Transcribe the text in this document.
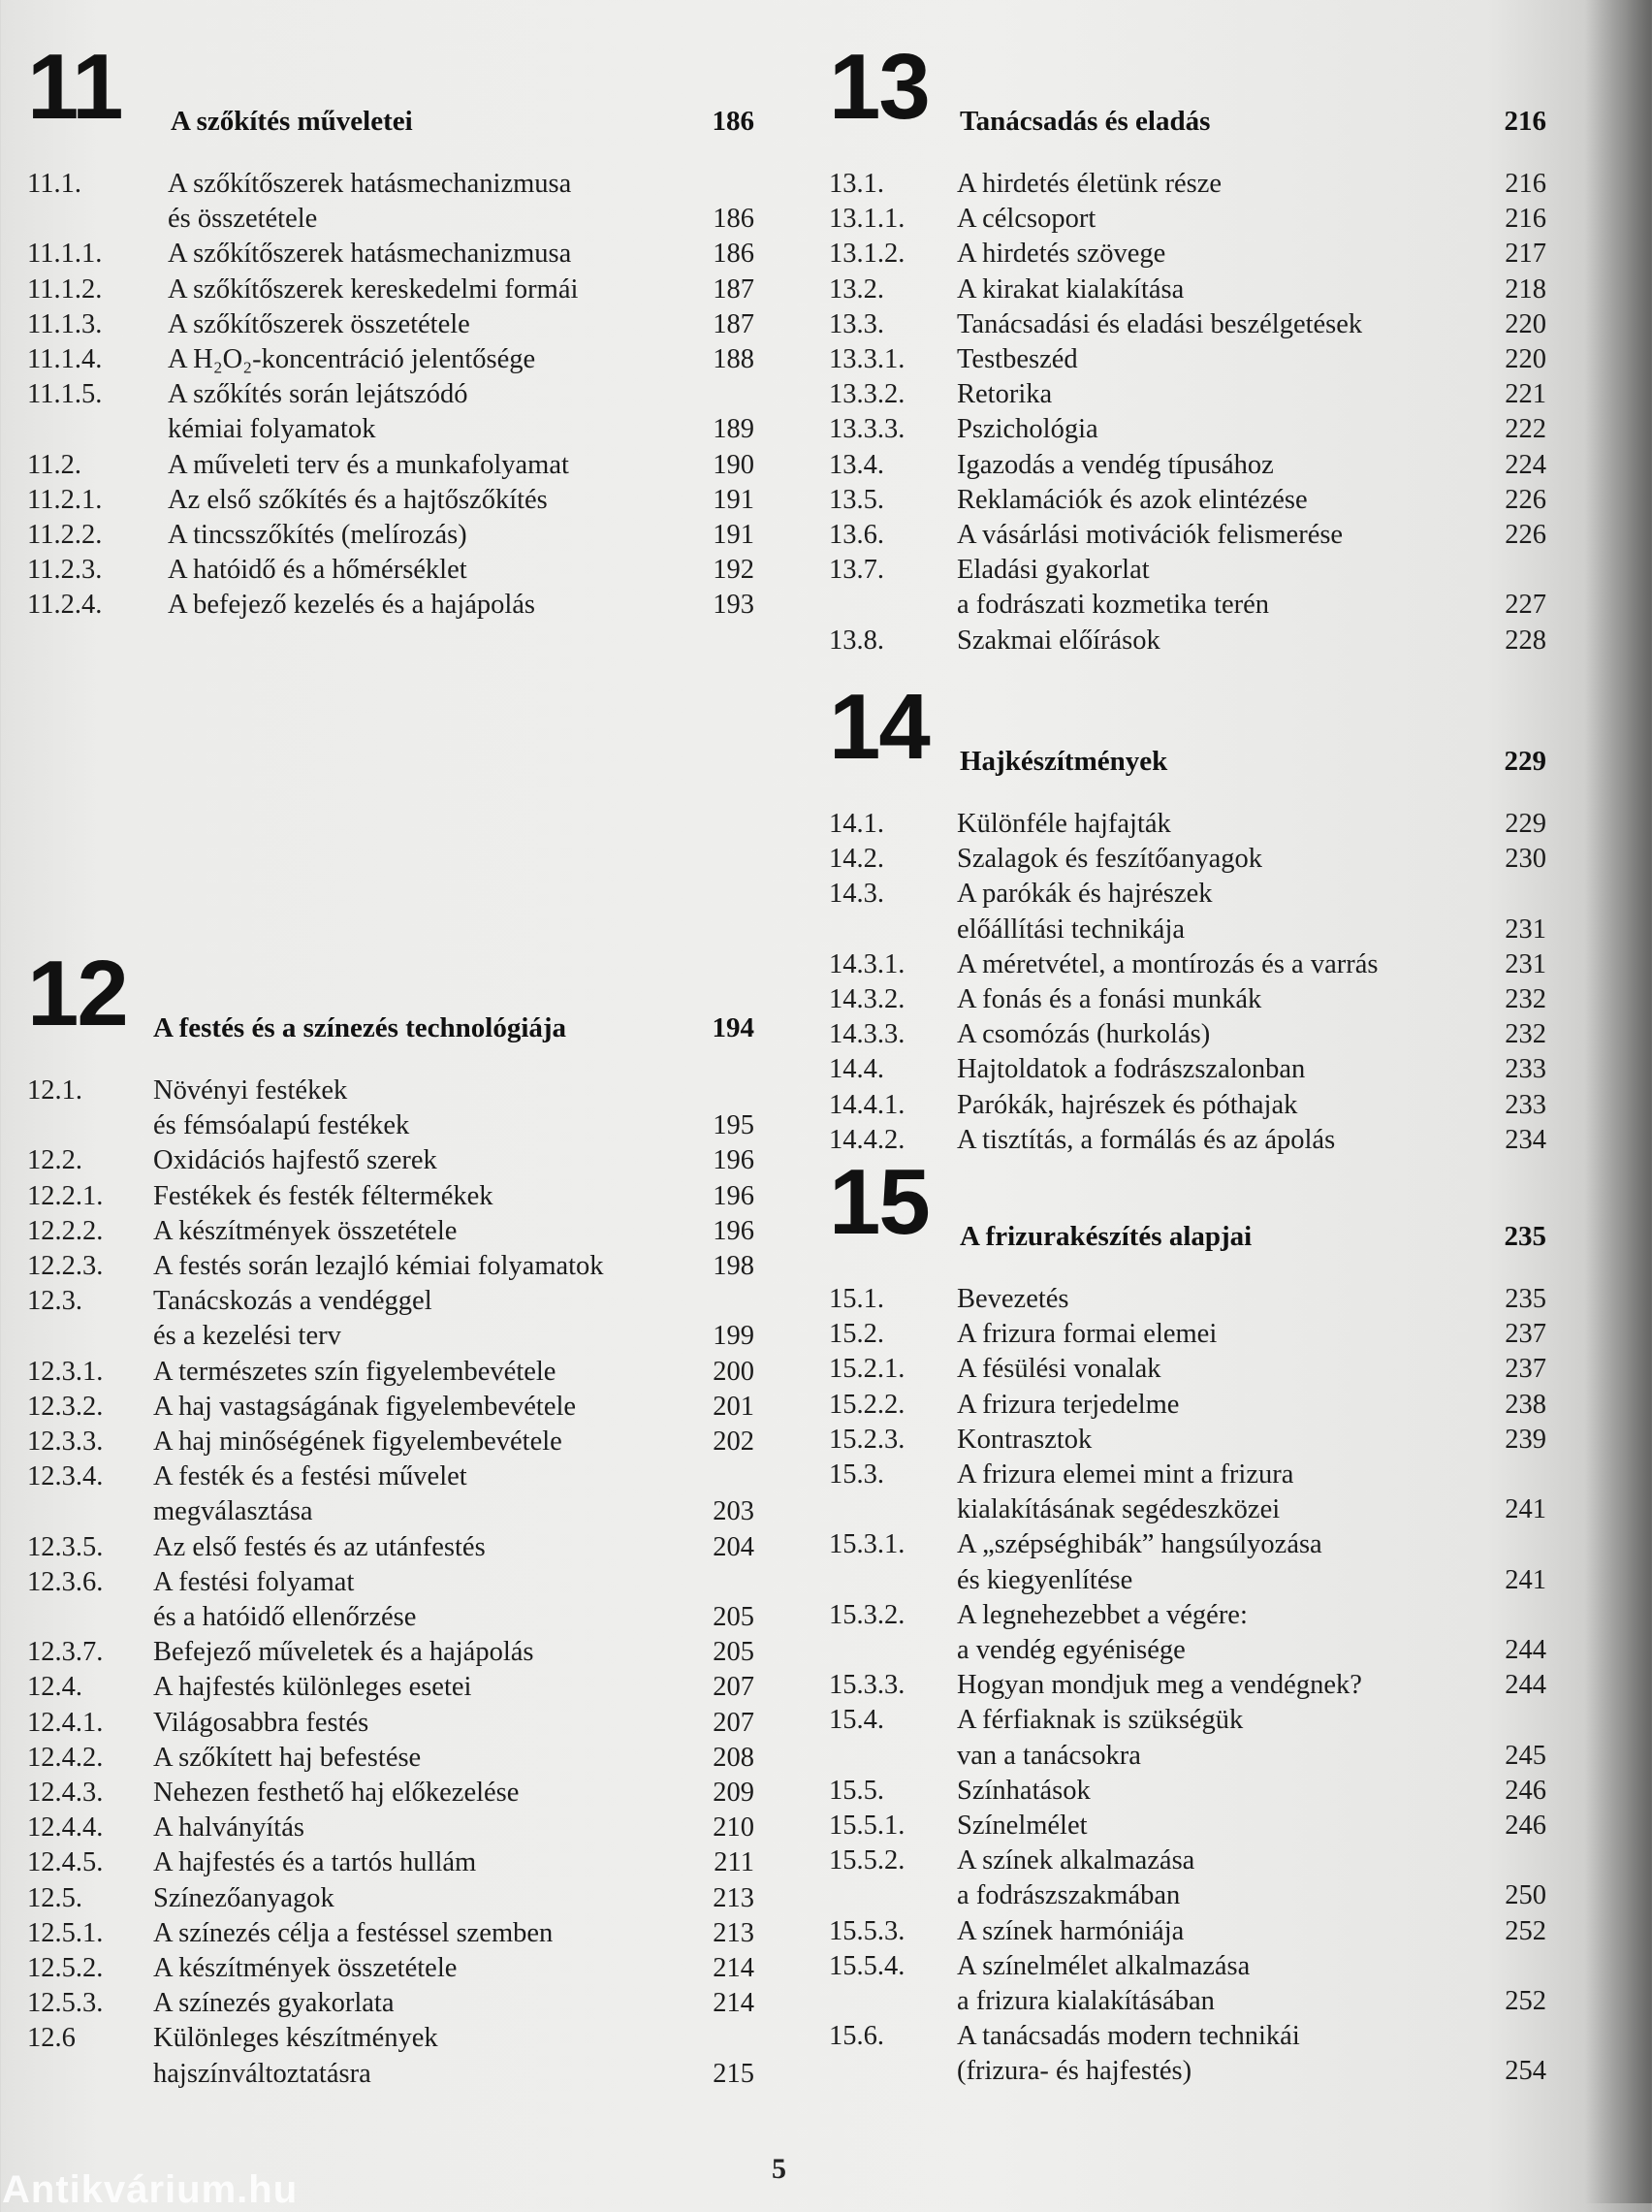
11 A szőkítés műveletei	186
11.1.	A szőkítőszerek hatásmechanizmusa
és összetétele	186
11.1.1.	A szőkítőszerek hatásmechanizmusa	186
11.1.2.	A szőkítőszerek kereskedelmi formái	187
11.1.3.	A szőkítőszerek összetétele	187
11.1.4.	A H₂O₂-koncentráció jelentősége	188
11.1.5.	A szőkítés során lejátszódó
kémiai folyamatok	189
11.2.	A műveleti terv és a munkafolyamat	190
11.2.1.	Az első szőkítés és a hajtőszőkítés	191
11.2.2.	A tincsszőkítés (melírozás)	191
11.2.3.	A hatóidő és a hőmérséklet	192
11.2.4.	A befejező kezelés és a hajápolás	193
12 A festés és a színezés technológiája	194
12.1.	Növényi festékek
és fémsóalapú festékek	195
12.2.	Oxidációs hajfestő szerek	196
12.2.1.	Festékek és festék féltermékek	196
12.2.2.	A készítmények összetétele	196
12.2.3.	A festés során lezajló kémiai folyamatok	198
12.3.	Tanácskozás a vendéggel
és a kezelési terv	199
12.3.1.	A természetes szín figyelembevétele	200
12.3.2.	A haj vastagságának figyelembevétele	201
12.3.3.	A haj minőségének figyelembevétele	202
12.3.4.	A festék és a festési művelet
megválasztása	203
12.3.5.	Az első festés és az utánfestés	204
12.3.6.	A festési folyamat
és a hatóidő ellenőrzése	205
12.3.7.	Befejező műveletek és a hajápolás	205
12.4.	A hajfestés különleges esetei	207
12.4.1.	Világosabbra festés	207
12.4.2.	A szőkített haj befestése	208
12.4.3.	Nehezen festhető haj előkezelése	209
12.4.4.	A halványítás	210
12.4.5.	A hajfestés és a tartós hullám	211
12.5.	Színezőanyagok	213
12.5.1.	A színezés célja a festéssel szemben	213
12.5.2.	A készítmények összetétele	214
12.5.3.	A színezés gyakorlata	214
12.6	Különleges készítmények
hajszínváltoztatásra	215
13 Tanácsadás és eladás	216
13.1.	A hirdetés életünk része	216
13.1.1.	A célcsoport	216
13.1.2.	A hirdetés szövege	217
13.2.	A kirakat kialakítása	218
13.3.	Tanácsadási és eladási beszélgetések	220
13.3.1.	Testbeszéd	220
13.3.2.	Retorika	221
13.3.3.	Pszichológia	222
13.4.	Igazodás a vendég típusához	224
13.5.	Reklamációk és azok elintézése	226
13.6.	A vásárlási motivációk felismerése	226
13.7.	Eladási gyakorlat
a fodrászati kozmetika terén	227
13.8.	Szakmai előírások	228
14 Hajkészítmények	229
14.1.	Különféle hajfajták	229
14.2.	Szalagok és feszítőanyagok	230
14.3.	A parókák és hajrészek
előállítási technikája	231
14.3.1.	A méretvétel, a montírozás és a varrás	231
14.3.2.	A fonás és a fonási munkák	232
14.3.3.	A csomózás (hurkolás)	232
14.4.	Hajtoldatok a fodrászszalonban	233
14.4.1.	Parókák, hajrészek és póthajak	233
14.4.2.	A tisztítás, a formálás és az ápolás	234
15 A frizurakészítés alapjai	235
15.1.	Bevezetés	235
15.2.	A frizura formai elemei	237
15.2.1.	A fésülési vonalak	237
15.2.2.	A frizura terjedelme	238
15.2.3.	Kontrasztok	239
15.3.	A frizura elemei mint a frizura
kialakításának segédeszközei	241
15.3.1.	A „szépséghibák” hangsúlyozása
és kiegyenlítése	241
15.3.2.	A legnehezebbet a végére:
a vendég egyénisége	244
15.3.3.	Hogyan mondjuk meg a vendégnek?	244
15.4.	A férfiaknak is szükségük
van a tanácsokra	245
15.5.	Színhatások	246
15.5.1.	Színelmélet	246
15.5.2.	A színek alkalmazása
a fodrászszakmában	250
15.5.3.	A színek harmóniája	252
15.5.4.	A színelmélet alkalmazása
a frizura kialakításában	252
15.6.	A tanácsadás modern technikái
(frizura- és hajfestés)	254
5
Antikvárium.hu
